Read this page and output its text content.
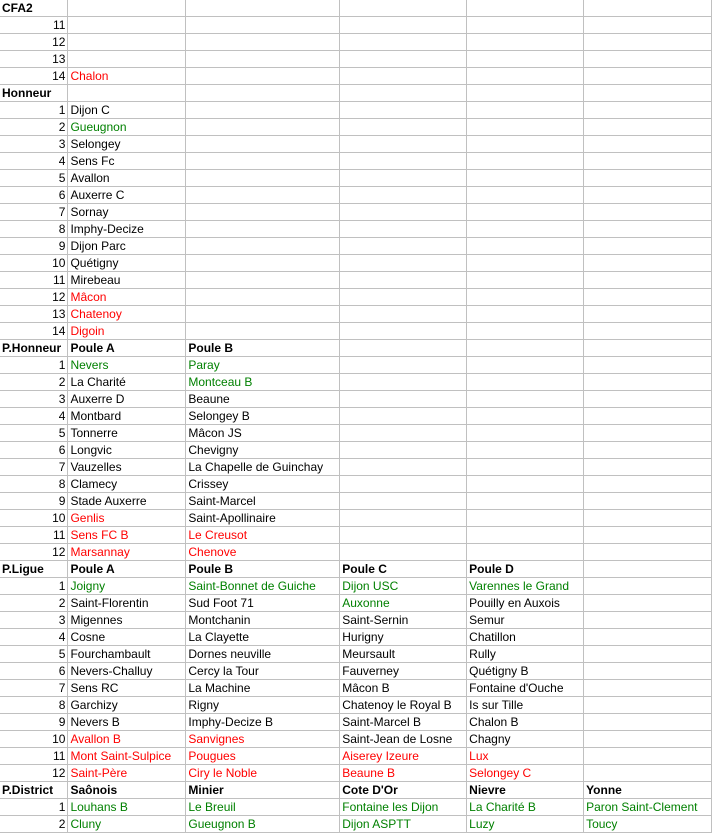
CFA2					
11					
12					
13					
14	Chalon				
Honneur					
1	Dijon C				
2	Gueugnon				
3	Selongey				
4	Sens Fc				
5	Avallon				
6	Auxerre C				
7	Sornay				
8	Imphy-Decize				
9	Dijon Parc				
10	Quétigny				
11	Mirebeau				
12	Mâcon				
13	Chatenoy				
14	Digoin				
P.Honneur	Poule A	Poule B			
1	Nevers	Paray			
2	La Charité	Montceau B			
3	Auxerre D	Beaune			
4	Montbard	Selongey B			
5	Tonnerre	Mâcon JS			
6	Longvic	Chevigny			
7	Vauzelles	La Chapelle de Guinchay			
8	Clamecy	Crissey			
9	Stade Auxerre	Saint-Marcel			
10	Genlis	Saint-Apollinaire			
11	Sens FC B	Le Creusot			
12	Marsannay	Chenove			
P.Ligue	Poule A	Poule B	Poule C	Poule D	
1	Joigny	Saint-Bonnet de Guiche	Dijon USC	Varennes le Grand	
2	Saint-Florentin	Sud Foot 71	Auxonne	Pouilly en Auxois	
3	Migennes	Montchanin	Saint-Sernin	Semur	
4	Cosne	La Clayette	Hurigny	Chatillon	
5	Fourchambault	Dornes neuville	Meursault	Rully	
6	Nevers-Challuy	Cercy la Tour	Fauverney	Quétigny B	
7	Sens RC	La Machine	Mâcon B	Fontaine d'Ouche	
8	Garchizy	Rigny	Chatenoy le Royal B	Is sur Tille	
9	Nevers B	Imphy-Decize B	Saint-Marcel B	Chalon B	
10	Avallon B	Sanvignes	Saint-Jean de Losne	Chagny	
11	Mont Saint-Sulpice	Pougues	Aiserey Izeure	Lux	
12	Saint-Père	Ciry le Noble	Beaune B	Selongey C	
P.District	Saônois	Minier	Cote D'Or	Nievre	Yonne
1	Louhans B	Le Breuil	Fontaine les Dijon	La Charité B	Paron Saint-Clement
2	Cluny	Gueugnon B	Dijon ASPTT	Luzy	Toucy
